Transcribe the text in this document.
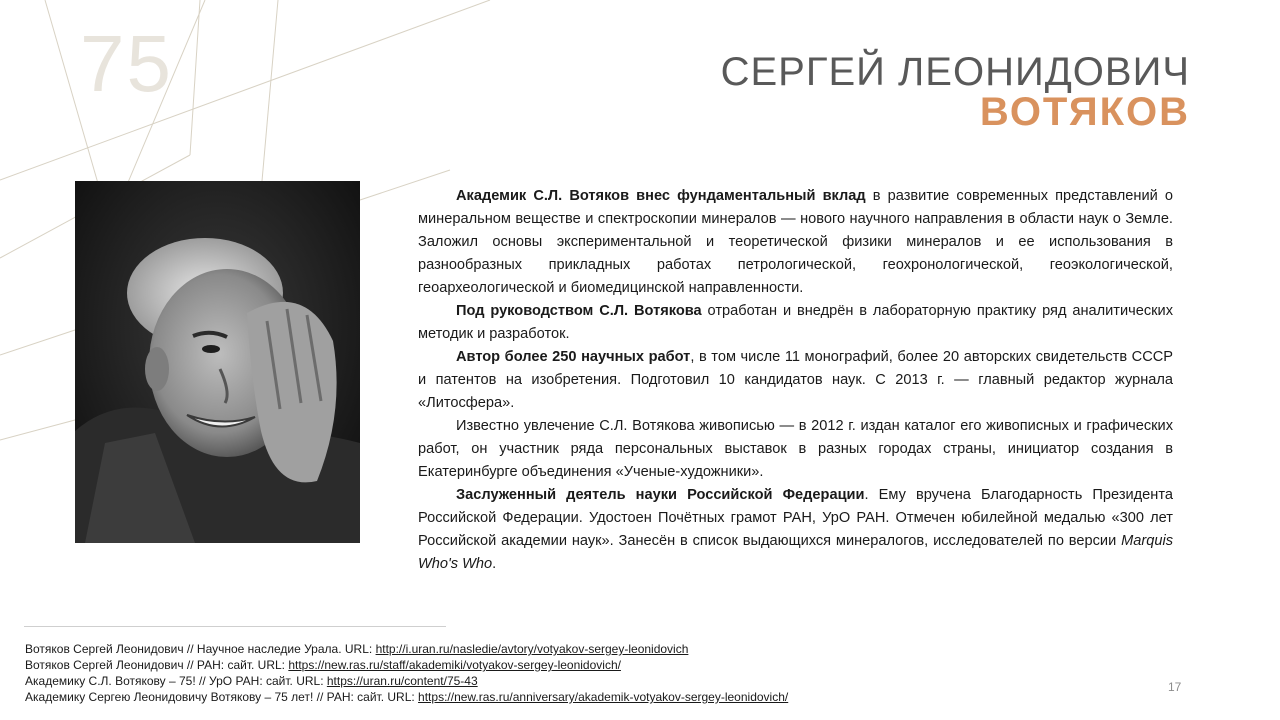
75	СЕРГЕЙ ЛЕОНИДОВИЧ
ВОТЯКОВ

Академик С.Л. Вотяков внес фундаментальный вклад в развитие современных представлений о минеральном веществе и спектроскопии минералов — нового научного направления в области наук о Земле. Заложил основы экспериментальной и теоретической физики минералов и ее использования в разнообразных прикладных работах петрологической, геохронологической, геоэкологической, геоархеологической и биомедицинской направленности.

Под руководством С.Л. Вотякова отработан и внедрён в лабораторную практику ряд аналитических методик и разработок.

Автор более 250 научных работ, в том числе 11 монографий, более 20 авторских свидетельств СССР и патентов на изобретения. Подготовил 10 кандидатов наук. С 2013 г. — главный редактор журнала «Литосфера».

Известно увлечение С.Л. Вотякова живописью — в 2012 г. издан каталог его живописных и графических работ, он участник ряда персональных выставок в разных городах страны, инициатор создания в Екатеринбурге объединения «Ученые-художники».

Заслуженный деятель науки Российской Федерации. Ему вручена Благодарность Президента Российской Федерации. Удостоен Почётных грамот РАН, УрО РАН. Отмечен юбилейной медалью «300 лет Российской академии наук». Занесён в список выдающихся минералогов, исследователей по версии Marquis Who's Who.

Вотяков Сергей Леонидович // Научное наследие Урала. URL: http://i.uran.ru/nasledie/avtory/votyakov-sergey-leonidovich
Вотяков Сергей Леонидович // РАН: сайт. URL: https://new.ras.ru/staff/akademiki/votyakov-sergey-leonidovich/
Академику С.Л. Вотякову – 75! // УрО РАН: сайт. URL: https://uran.ru/content/75-43
Академику Сергею Леонидовичу Вотякову – 75 лет! // РАН: сайт. URL: https://new.ras.ru/anniversary/akademik-votyakov-sergey-leonidovich/
17
